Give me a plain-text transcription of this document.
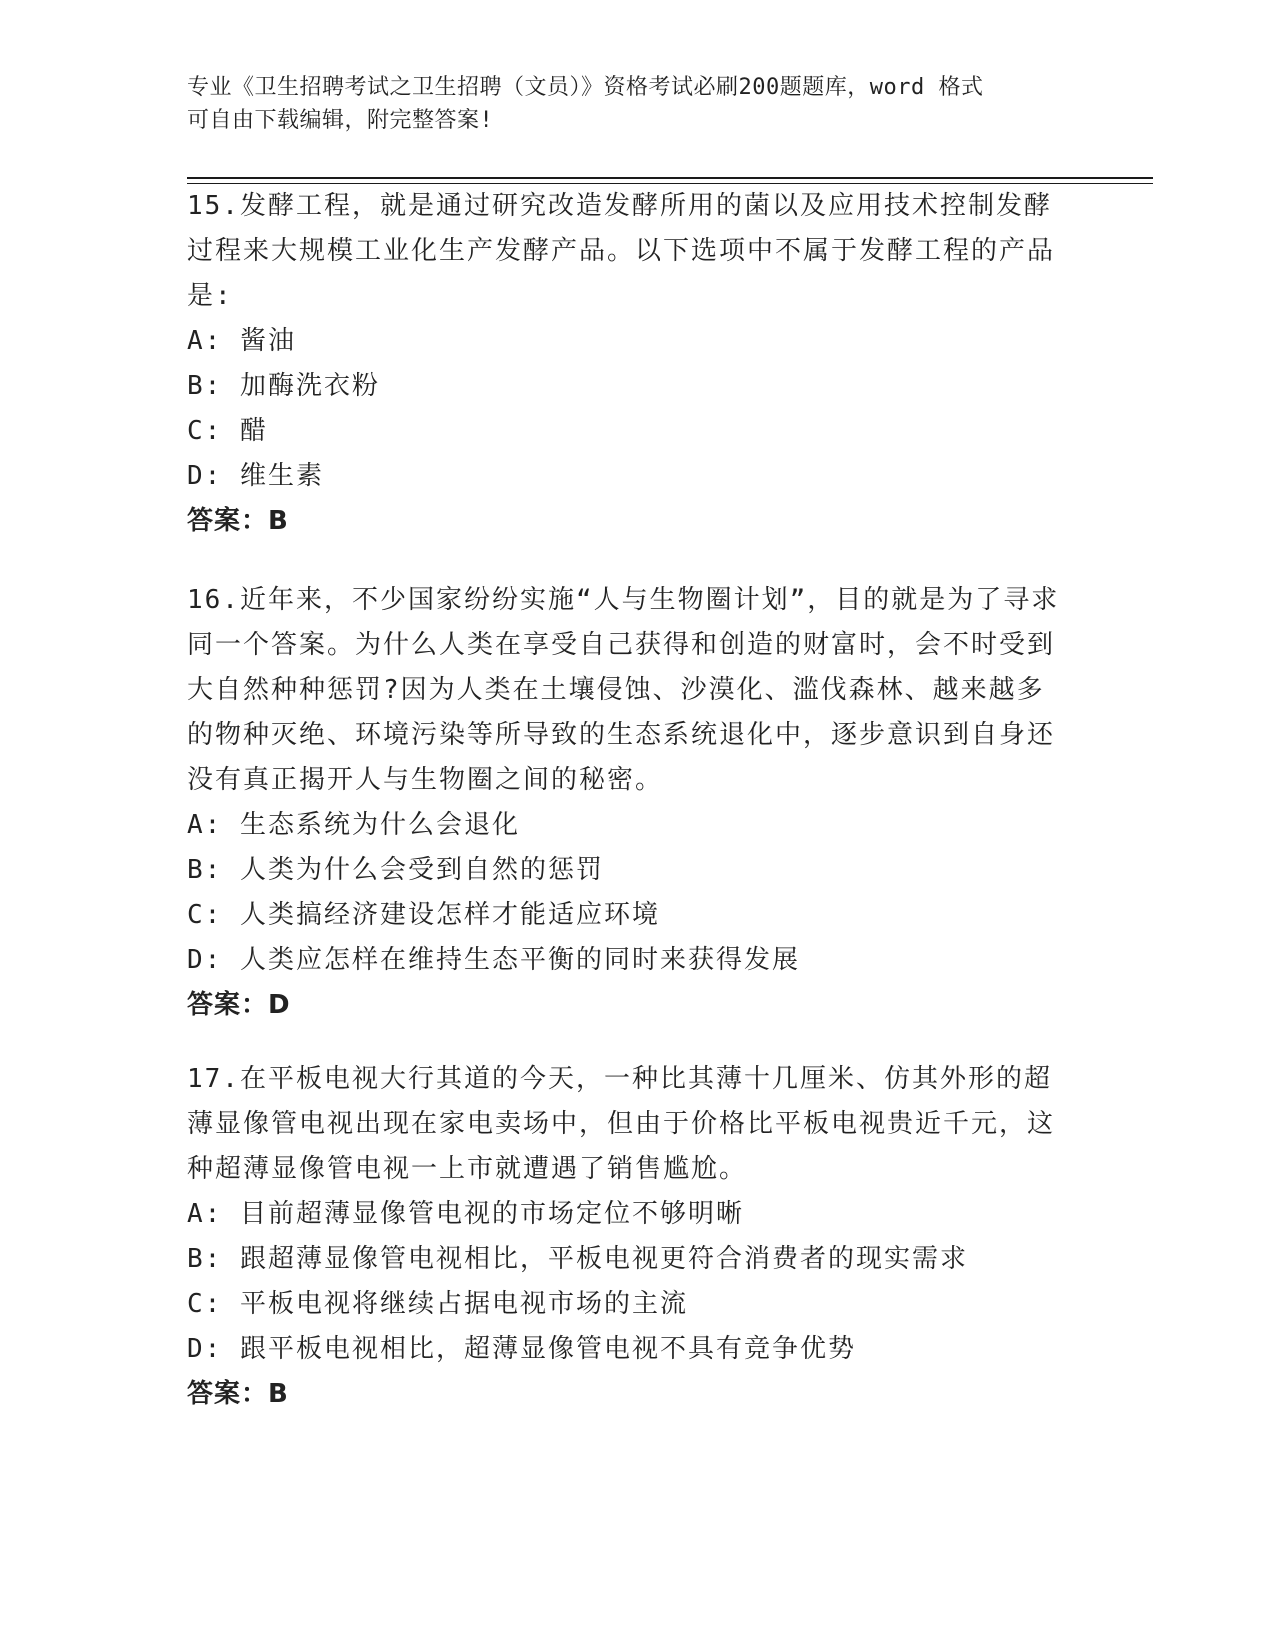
专业《卫生招聘考试之卫生招聘（文员）》资格考试必刷200题题库，word 格式
可自由下载编辑，附完整答案!
15.发酵工程，就是通过研究改造发酵所用的菌以及应用技术控制发酵过程来大规模工业化生产发酵产品。以下选项中不属于发酵工程的产品是:
A: 酱油
B: 加酶洗衣粉
C: 醋
D: 维生素
答案：B
16.近年来，不少国家纷纷实施“人与生物圈计划”，目的就是为了寻求同一个答案。为什么人类在享受自己获得和创造的财富时，会不时受到大自然种种惩罚?因为人类在土壤侵蚀、沙漠化、滥伐森林、越来越多的物种灭绝、环境污染等所导致的生态系统退化中，逐步意识到自身还没有真正揭开人与生物圈之间的秘密。
A: 生态系统为什么会退化
B: 人类为什么会受到自然的惩罚
C: 人类搞经济建设怎样才能适应环境
D: 人类应怎样在维持生态平衡的同时来获得发展
答案：D
17.在平板电视大行其道的今天，一种比其薄十几厘米、仿其外形的超薄显像管电视出现在家电卖场中，但由于价格比平板电视贵近千元，这种超薄显像管电视一上市就遭遇了销售尴尬。
A: 目前超薄显像管电视的市场定位不够明晰
B: 跟超薄显像管电视相比，平板电视更符合消费者的现实需求
C: 平板电视将继续占据电视市场的主流
D: 跟平板电视相比，超薄显像管电视不具有竞争优势
答案：B
